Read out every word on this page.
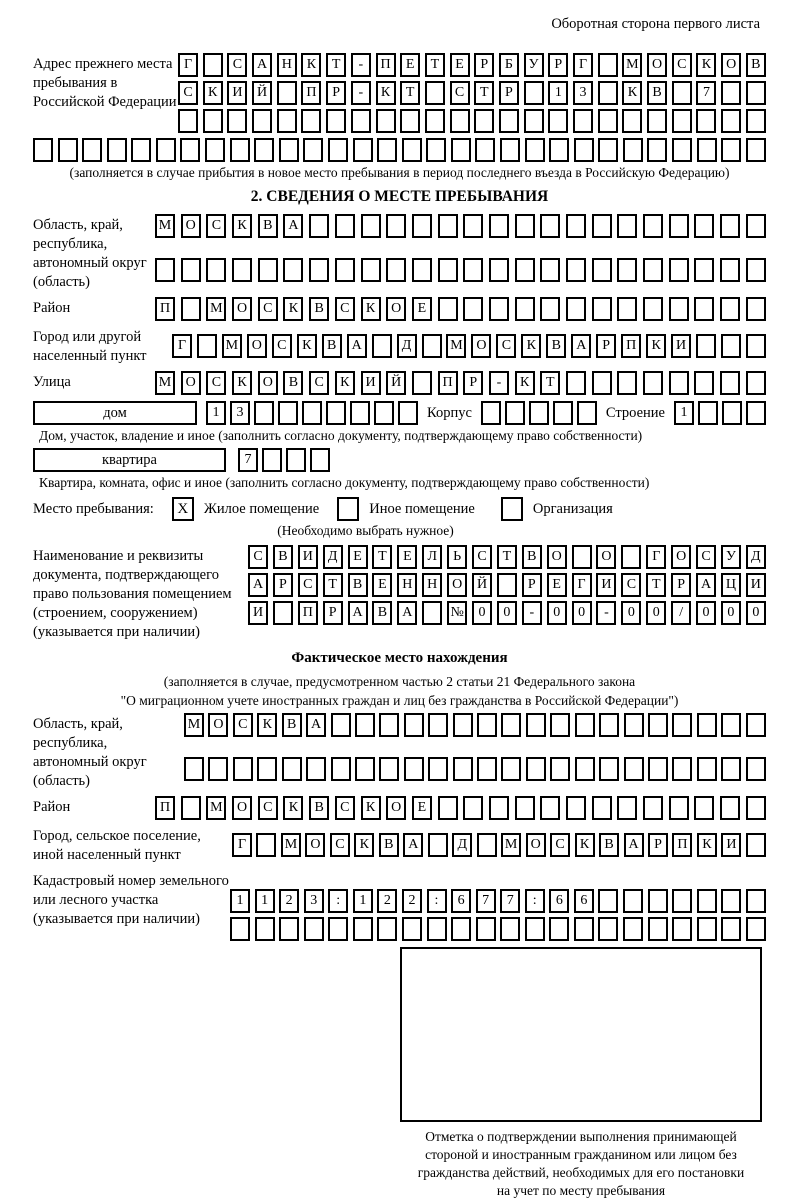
Оборотная сторона первого листа
Адрес прежнего места пребывания в Российской Федерации
Г	С	А	Н	К	Т	-	П	Е	Т	Е	Р	Б	У	Р	Г	М О	С	К	О	В
С	К	И	Й	П	Р	-	К	Т	С	Т	Р	1	3	К	В	7
(заполняется в случае прибытия в новое место пребывания в период последнего въезда в Российскую Федерацию)
2. СВЕДЕНИЯ О МЕСТЕ ПРЕБЫВАНИЯ
Область, край, республика, автономный округ (область)
М	О	С	К	В	А
Район	П	М	О	С	К	В	С	К	О	Е
Город или другой населенный пункт
Г	М О	С	К	В	А	Д	М О	С	К	В	А	Р	П	К	И
Улица	М	О	С	К	О	В	С	К	И	Й	П	Р	-	К	Т
дом	1	3	Корпус	Строение	1
Дом, участок, владение и иное (заполнить согласно документу, подтверждающему право собственности)
квартира	7
Квартира, комната, офис и иное (заполнить согласно документу, подтверждающему право собственности)
Место пребывания:	X	Жилое помещение	Иное помещение	Организация
(Необходимо выбрать нужное)
Наименование и реквизиты документа, подтверждающего право пользования помещением (строением, сооружением) (указывается при наличии)
С	В	И	Д	Е	Т	Е	Л	Ь	С	Т	В	О	О	Г	О	С	У	Д
А	Р	С	Т	В	Е	Н	Н	О	Й	Р	Е	Г	И	С	Т	Р	А	Ц	И
И	П	Р	А	В	А	№	0	0	-	0	0	-	0	0	/	0	0	0
Фактическое место нахождения
(заполняется в случае, предусмотренном частью 2 статьи 21 Федерального закона
"О миграционном учете иностранных граждан и лиц без гражданства в Российской Федерации")
Область, край, республика, автономный округ (область)
М О	С	К	В	А
Район	П	М	О	С	К	В	С	К	О	Е
Город, сельское поселение, иной населенный пункт
Г	М О	С	К	В	А	Д	М О	С	К	В	А	Р	П	К	И
Кадастровый номер земельного или лесного участка (указывается при наличии)
1	1	2	3	:	1	2	2	:	6	7	7	:	6	6
Отметка о подтверждении выполнения принимающей
стороной и иностранным гражданином или лицом без
гражданства действий, необходимых для его постановки
на учет по месту пребывания
